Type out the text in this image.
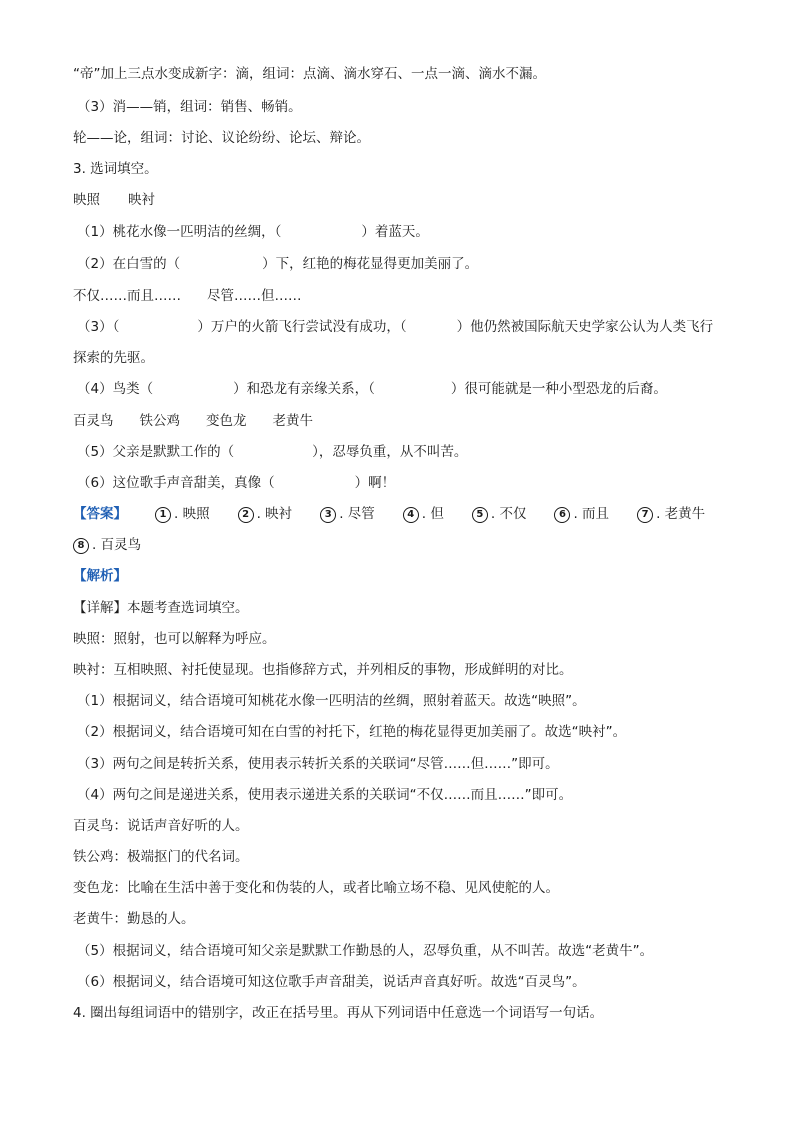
“帝”加上三点水变成新字：滴，组词：点滴、滴水穿石、一点一滴、滴水不漏。
（3）消——销，组词：销售、畅销。
轮——论，组词：讨论、议论纷纷、论坛、辩论。
3. 选词填空。
映照 映衬
（1）桃花水像一匹明洁的丝绸，（	）着蓝天。
（2）在白雪的（	）下，红艳的梅花显得更加美丽了。
不仅……而且…… 尽管……但……
（3）（	）万户的火箭飞行尝试没有成功，（	）他仍然被国际航天史学家公认为人类飞行
探索的先驱。
（4）鸟类（	）和恐龙有亲缘关系，（	）很可能就是一种小型恐龙的后裔。
百灵鸟 铁公鸡 变色龙 老黄牛
（5）父亲是默默工作的（	），忍辱负重，从不叫苦。
（6）这位歌手声音甜美，真像（	）啊！
【答案】	1 . 映照	2 . 映衬	3 . 尽管	4 . 但	5 . 不仅	6 . 而且	7 . 老黄牛
8 . 百灵鸟
【解析】
【详解】本题考查选词填空。
映照：照射，也可以解释为呼应。
映衬：互相映照、衬托使显现。也指修辞方式，并列相反的事物，形成鲜明的对比。
（1）根据词义，结合语境可知桃花水像一匹明洁的丝绸，照射着蓝天。故选“映照”。
（2）根据词义，结合语境可知在白雪的衬托下，红艳的梅花显得更加美丽了。故选“映衬”。
（3）两句之间是转折关系，使用表示转折关系的关联词“尽管……但……”即可。
（4）两句之间是递进关系，使用表示递进关系的关联词“不仅……而且……”即可。
百灵鸟：说话声音好听的人。
铁公鸡：极端抠门的代名词。
变色龙：比喻在生活中善于变化和伪装的人，或者比喻立场不稳、见风使舵的人。
老黄牛：勤恳的人。
（5）根据词义，结合语境可知父亲是默默工作勤恳的人，忍辱负重，从不叫苦。故选“老黄牛”。
（6）根据词义，结合语境可知这位歌手声音甜美，说话声音真好听。故选“百灵鸟”。
4. 圈出每组词语中的错别字，改正在括号里。再从下列词语中任意选一个词语写一句话。
